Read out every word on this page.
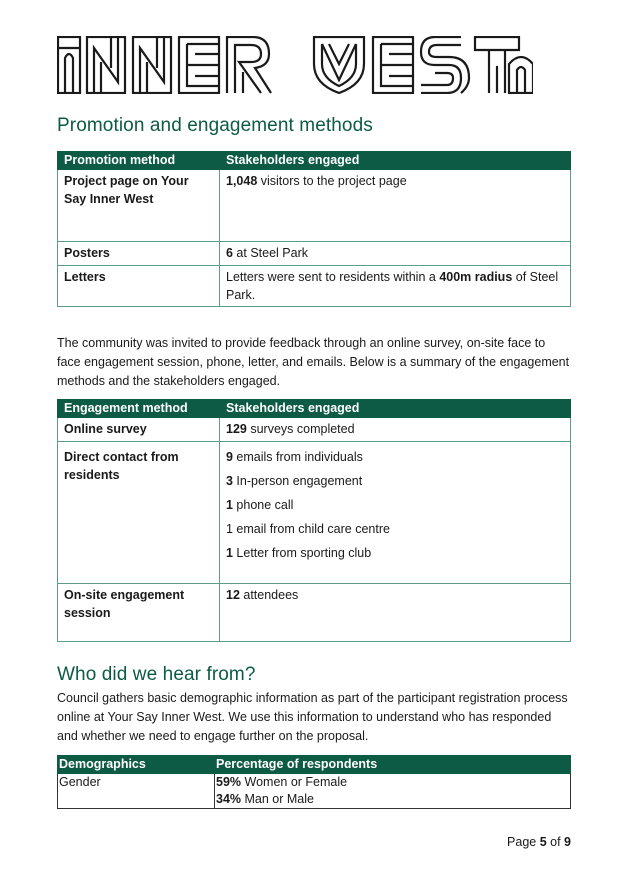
Promotion and engagement methods
Promotion method	Stakeholders engaged
Project page on Your Say Inner West	1,048 visitors to the project page
Posters	6 at Steel Park
Letters	Letters were sent to residents within a 400m radius of Steel Park.

The community was invited to provide feedback through an online survey, on-site face to face engagement session, phone, letter, and emails. Below is a summary of the engagement methods and the stakeholders engaged.

Engagement method	Stakeholders engaged
Online survey	129 surveys completed
Direct contact from residents	9 emails from individuals
3 In-person engagement
1 phone call
1 email from child care centre
1 Letter from sporting club

On-site engagement session	12 attendees
Who did we hear from?

Council gathers basic demographic information as part of the participant registration process online at Your Say Inner West. We use this information to understand who has responded and whether we need to engage further on the proposal.

Demographics	Percentage of respondents
Gender	59% Women or Female
34% Man or Male
Page 5 of 9
